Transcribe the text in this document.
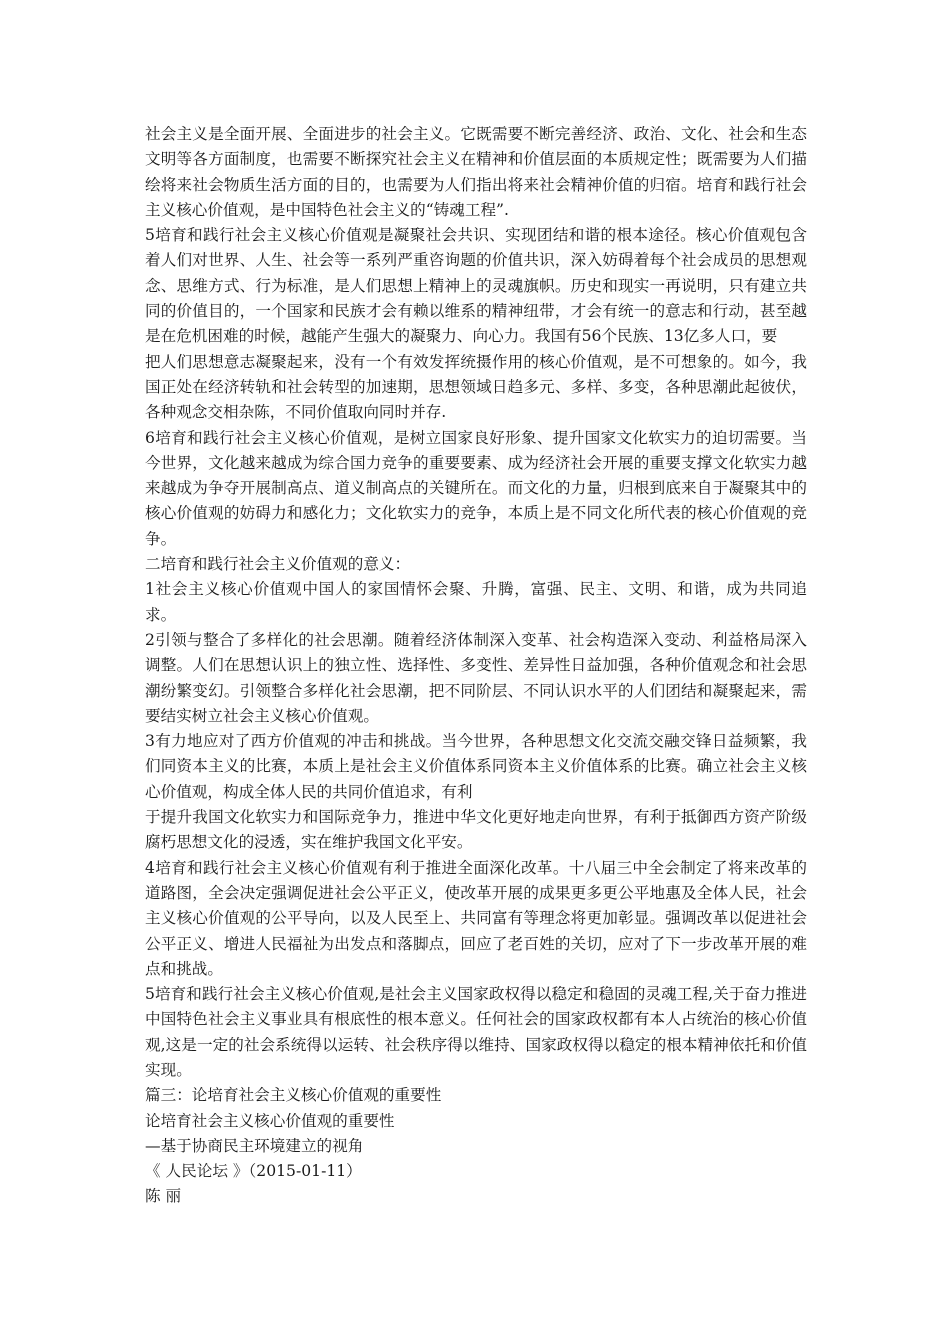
社会主义是全面开展、全面进步的社会主义。它既需要不断完善经济、政治、文化、社会和生态文明等各方面制度，也需要不断探究社会主义在精神和价值层面的本质规定性；既需要为人们描绘将来社会物质生活方面的目的，也需要为人们指出将来社会精神价值的归宿。培育和践行社会主义核心价值观，是中国特色社会主义的“铸魂工程”.

5培育和践行社会主义核心价值观是凝聚社会共识、实现团结和谐的根本途径。核心价值观包含着人们对世界、人生、社会等一系列严重咨询题的价值共识，深入妨碍着每个社会成员的思想观念、思维方式、行为标准，是人们思想上精神上的灵魂旗帜。历史和现实一再说明，只有建立共同的价值目的，一个国家和民族才会有赖以维系的精神纽带，才会有统一的意志和行动，甚至越是在危机困难的时候，越能产生强大的凝聚力、向心力。我国有56个民族、13亿多人口，要

把人们思想意志凝聚起来，没有一个有效发挥统摄作用的核心价值观，是不可想象的。如今，我国正处在经济转轨和社会转型的加速期，思想领域日趋多元、多样、多变，各种思潮此起彼伏，各种观念交相杂陈，不同价值取向同时并存.

6培育和践行社会主义核心价值观，是树立国家良好形象、提升国家文化软实力的迫切需要。当今世界，文化越来越成为综合国力竞争的重要要素、成为经济社会开展的重要支撑文化软实力越来越成为争夺开展制高点、道义制高点的关键所在。而文化的力量，归根到底来自于凝聚其中的核心价值观的妨碍力和感化力；文化软实力的竞争，本质上是不同文化所代表的核心价值观的竞争。

二培育和践行社会主义价值观的意义：

1社会主义核心价值观中国人的家国情怀会聚、升腾，富强、民主、文明、和谐，成为共同追求。

2引领与整合了多样化的社会思潮。随着经济体制深入变革、社会构造深入变动、利益格局深入调整。人们在思想认识上的独立性、选择性、多变性、差异性日益加强，各种价值观念和社会思潮纷繁变幻。引领整合多样化社会思潮，把不同阶层、不同认识水平的人们团结和凝聚起来，需要结实树立社会主义核心价值观。

3有力地应对了西方价值观的冲击和挑战。当今世界，各种思想文化交流交融交锋日益频繁，我们同资本主义的比赛，本质上是社会主义价值体系同资本主义价值体系的比赛。确立社会主义核心价值观，构成全体人民的共同价值追求，有利

于提升我国文化软实力和国际竞争力，推进中华文化更好地走向世界，有利于抵御西方资产阶级腐朽思想文化的浸透，实在维护我国文化平安。

4培育和践行社会主义核心价值观有利于推进全面深化改革。十八届三中全会制定了将来改革的道路图，全会决定强调促进社会公平正义，使改革开展的成果更多更公平地惠及全体人民，社会主义核心价值观的公平导向，以及人民至上、共同富有等理念将更加彰显。强调改革以促进社会公平正义、增进人民福祉为出发点和落脚点，回应了老百姓的关切，应对了下一步改革开展的难点和挑战。

5培育和践行社会主义核心价值观,是社会主义国家政权得以稳定和稳固的灵魂工程,关于奋力推进中国特色社会主义事业具有根底性的根本意义。任何社会的国家政权都有本人占统治的核心价值观,这是一定的社会系统得以运转、社会秩序得以维持、国家政权得以稳定的根本精神依托和价值实现。

篇三：论培育社会主义核心价值观的重要性

论培育社会主义核心价值观的重要性

—基于协商民主环境建立的视角

《 人民论坛 》（2015-01-11）

陈 丽
